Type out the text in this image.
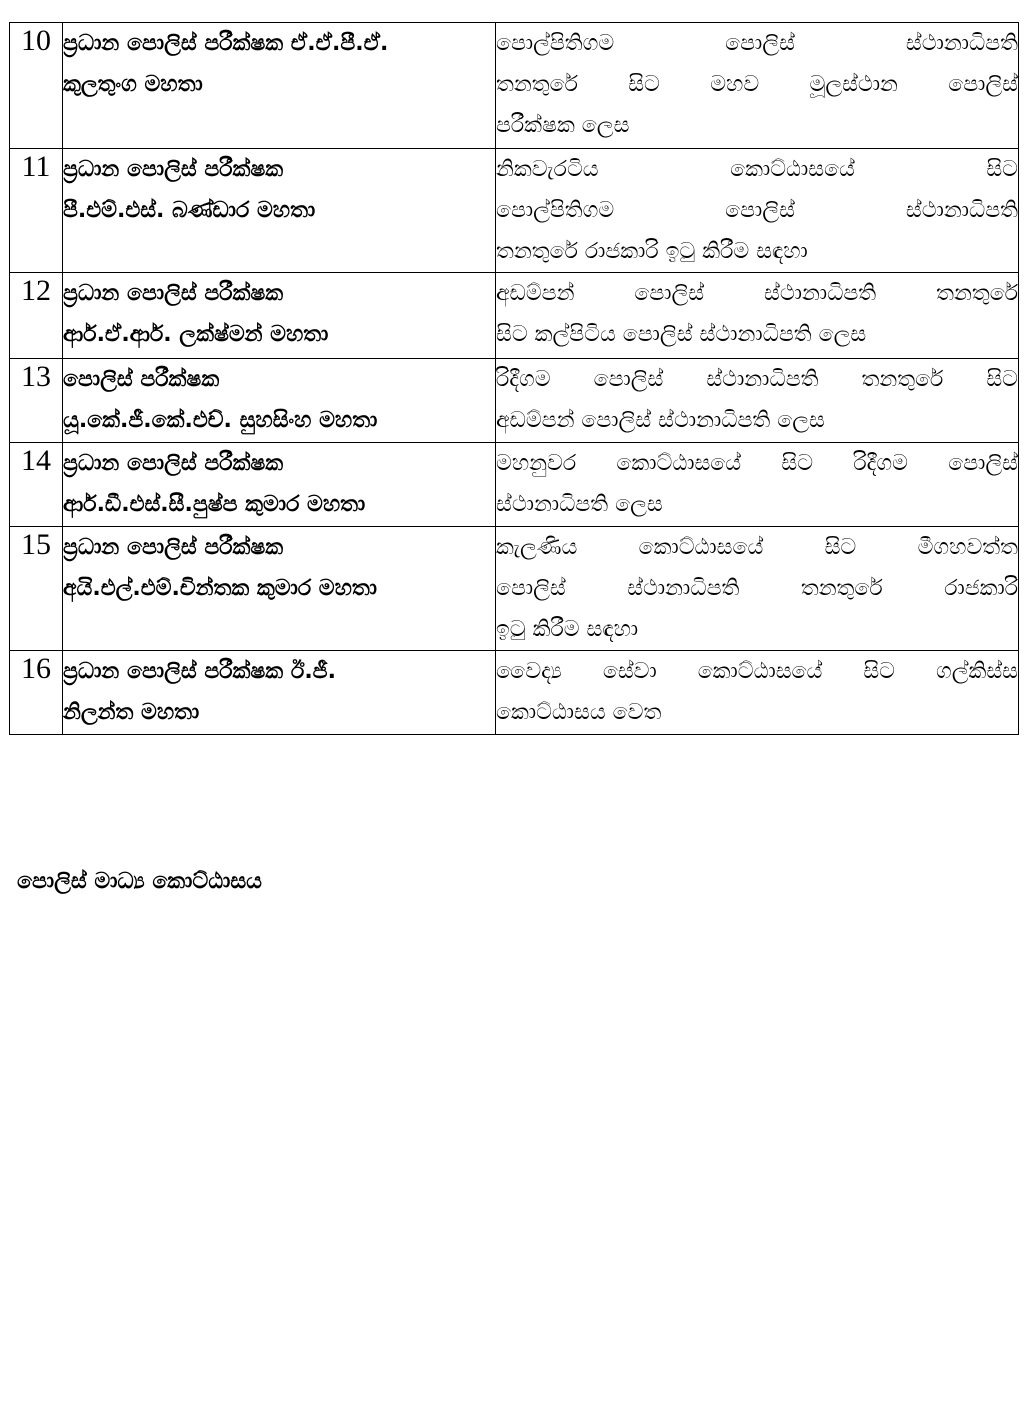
10	ප්‍රධාන පොලිස් පරීක්ෂක ඒ.ඒ.පී.ඒ.
කුලතුංග මහතා	පොල්පිතිගම පොලිස් ස්ථානාධිපති
තනතුරේ සිට මහව මූලස්ථාන පොලිස්
පරීක්ෂක ලෙස

11	ප්‍රධාන පොලිස් පරීක්ෂක
පී.එම්.එස්. බණ්ඩාර මහතා	නිකවැරටිය කොට්ඨාසයේ සිට
පොල්පිතිගම පොලිස් ස්ථානාධිපති
තනතුරේ රාජකාරි ඉටු කිරීම සඳහා

12	ප්‍රධාන පොලිස් පරීක්ෂක
ආර්.ඒ.ආර්. ලක්ෂ්මන් මහතා	අඩම්පන් පොලිස් ස්ථානාධිපති තනතුරේ
සිට කල්පිටිය පොලිස් ස්ථානාධිපති ලෙස

13	පොලිස් පරීක්ෂක
යූ.කේ.ජී.කේ.එච්. සුහසිංහ මහතා	රිදීගම පොලිස් ස්ථානාධිපති තනතුරේ සිට
අඩම්පන් පොලිස් ස්ථානාධිපති ලෙස

14	ප්‍රධාන පොලිස් පරීක්ෂක
ආර්.ඩී.එස්.සී.පුෂ්ප කුමාර මහතා	මහනුවර කොට්ඨාසයේ සිට රිදීගම පොලිස්
ස්ථානාධිපති ලෙස

15	ප්‍රධාන පොලිස් පරීක්ෂක
අයි.එල්.එම්.චින්තක කුමාර මහතා	කැලණිය කොට්ඨාසයේ සිට මීගහවත්ත
පොලිස් ස්ථානාධිපති තනතුරේ රාජකාරි
ඉටු කිරීම සඳහා

16	ප්‍රධාන පොලිස් පරීක්ෂක ඊ.ජී.
නිලන්ත මහතා	වෛද්‍ය සේවා කොට්ඨාසයේ සිට ගල්කිස්ස
කොට්ඨාසය වෙත
පොලිස් මාධ්‍ය කොට්ඨාසය
